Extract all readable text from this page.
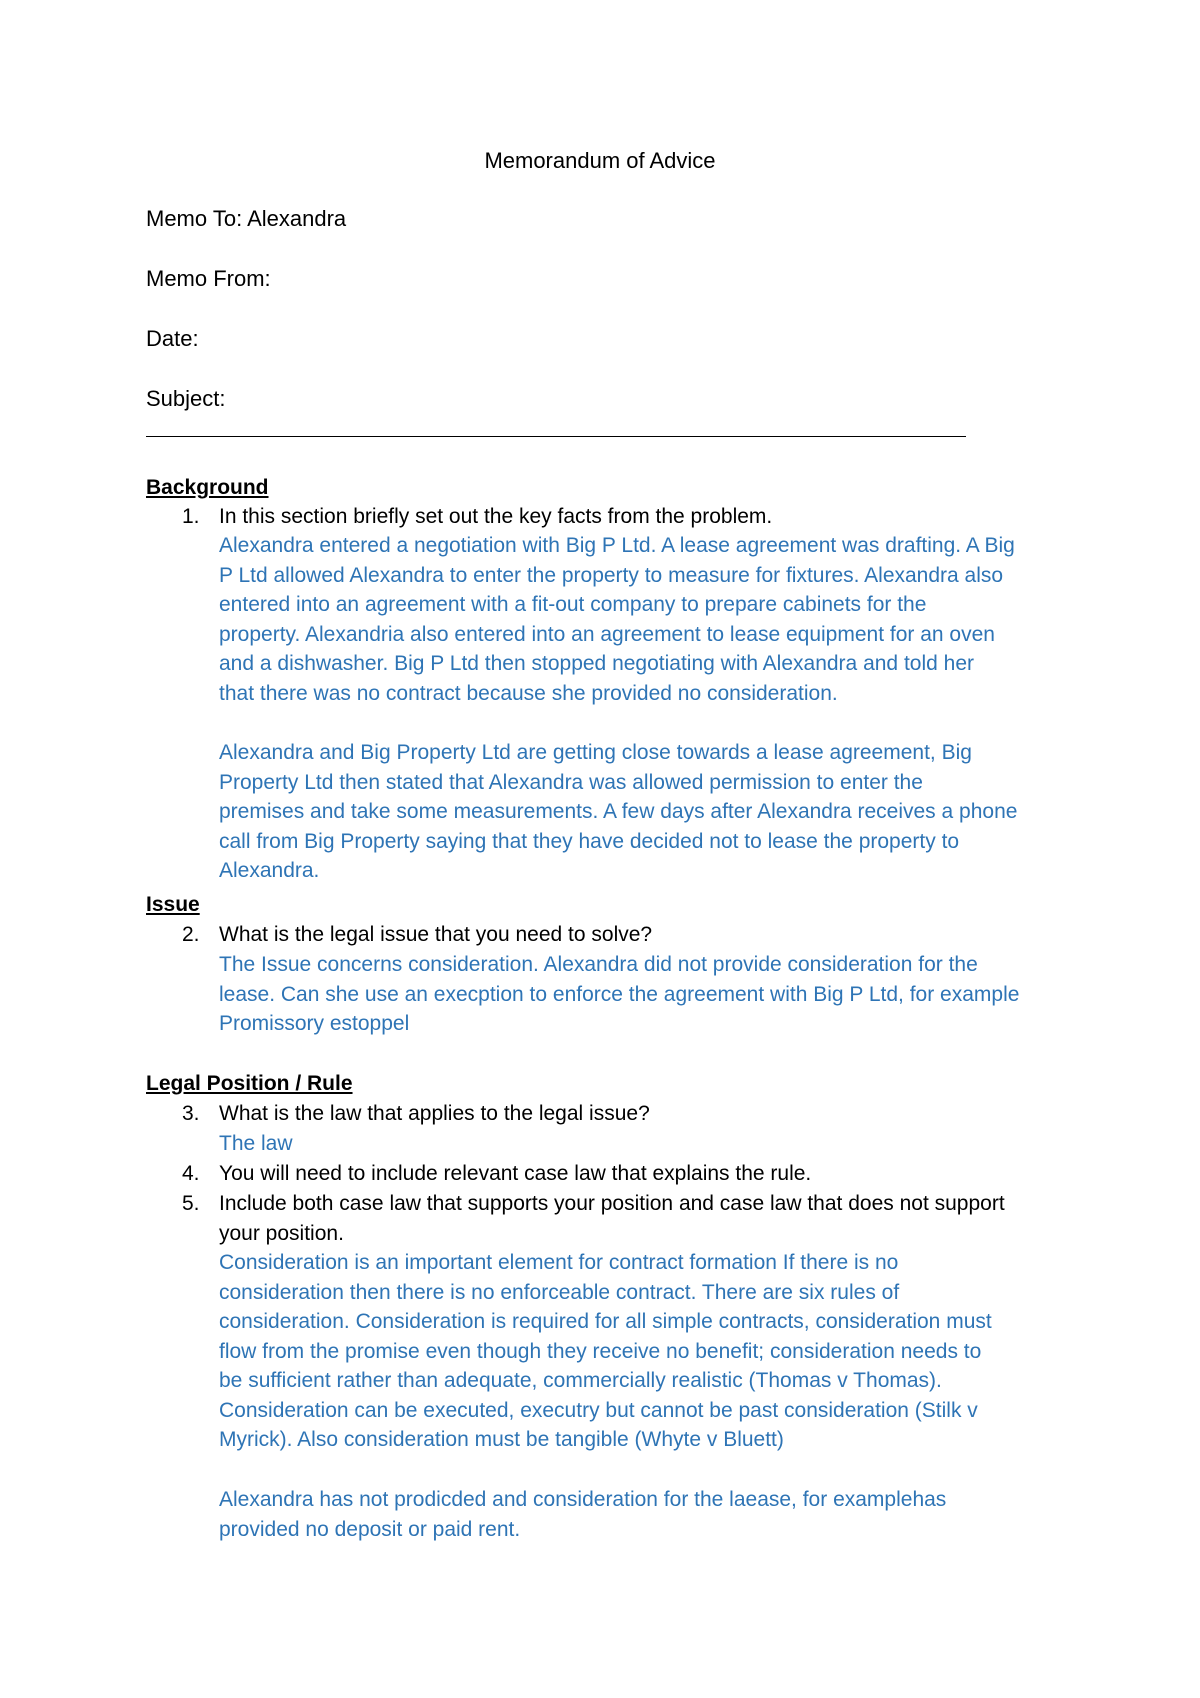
Memorandum of Advice
Memo To: Alexandra
Memo From:
Date:
Subject:
Background
1. In this section briefly set out the key facts from the problem.
Alexandra entered a negotiation with Big P Ltd. A lease agreement was drafting. A Big
P Ltd allowed Alexandra to enter the property to measure for fixtures. Alexandra also
entered into an agreement with a fit-out company to prepare cabinets for the
property. Alexandria also entered into an agreement to lease equipment for an oven
and a dishwasher. Big P Ltd then stopped negotiating with Alexandra and told her
that there was no contract because she provided no consideration.
Alexandra and Big Property Ltd are getting close towards a lease agreement, Big
Property Ltd then stated that Alexandra was allowed permission to enter the
premises and take some measurements. A few days after Alexandra receives a phone
call from Big Property saying that they have decided not to lease the property to
Alexandra.
Issue
2. What is the legal issue that you need to solve?
The Issue concerns consideration. Alexandra did not provide consideration for the
lease. Can she use an execption to enforce the agreement with Big P Ltd, for example
Promissory estoppel
Legal Position / Rule
3. What is the law that applies to the legal issue?
The law
4. You will need to include relevant case law that explains the rule.
5. Include both case law that supports your position and case law that does not support
your position.
Consideration is an important element for contract formation If there is no
consideration then there is no enforceable contract. There are six rules of
consideration. Consideration is required for all simple contracts, consideration must
flow from the promise even though they receive no benefit; consideration needs to
be sufficient rather than adequate, commercially realistic (Thomas v Thomas).
Consideration can be executed, executry but cannot be past consideration (Stilk v
Myrick). Also consideration must be tangible (Whyte v Bluett)
Alexandra has not prodicded and consideration for the laease, for examplehas
provided no deposit or paid rent.
